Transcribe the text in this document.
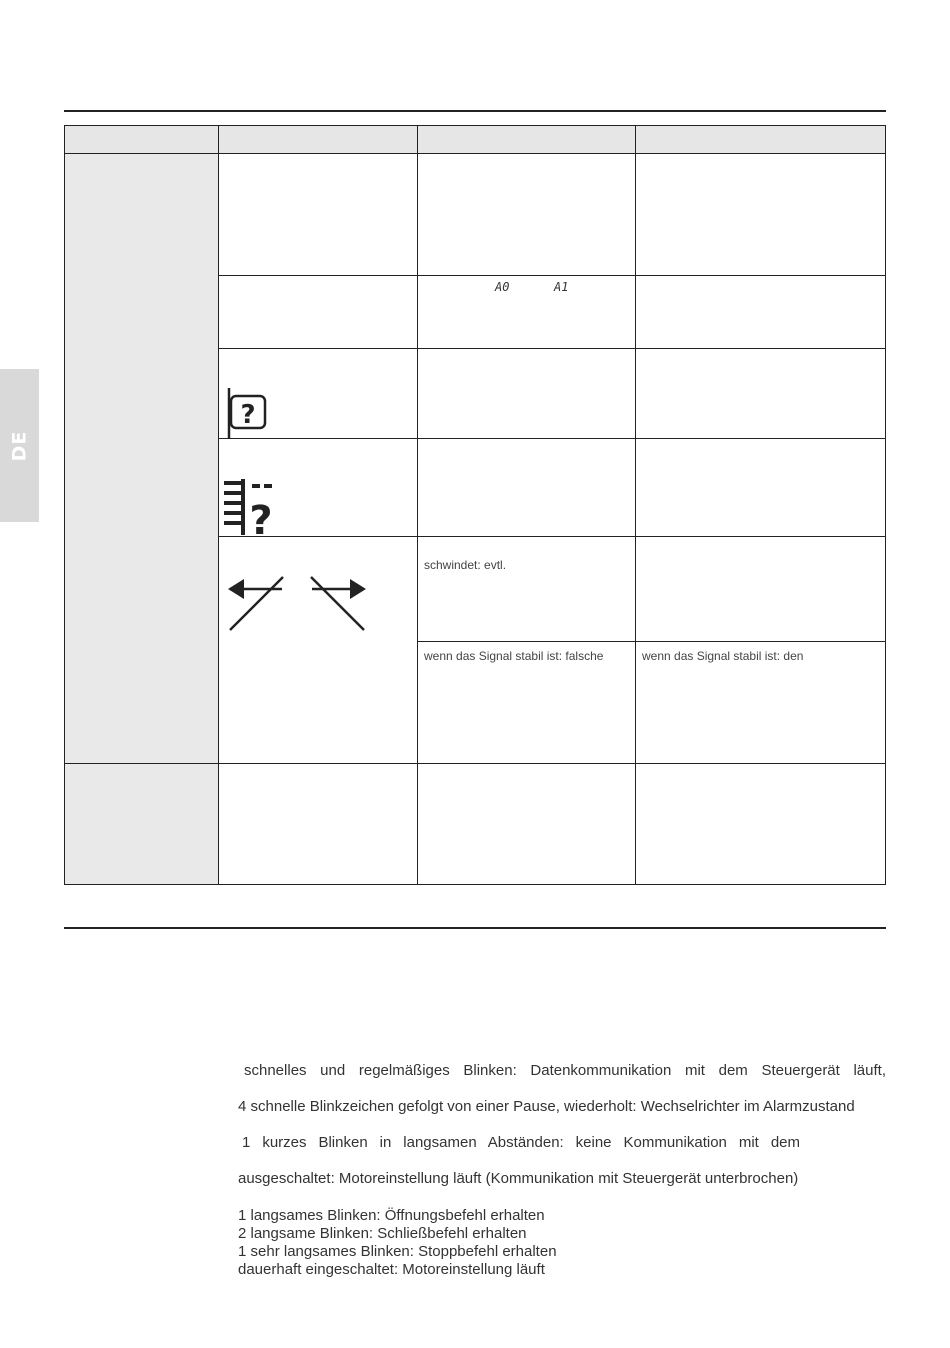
DE
A0	A1
?
?
schwindet: evtl.
wenn das Signal stabil ist: falsche	wenn das Signal stabil ist: den
schnelles und regelmäßiges Blinken: Datenkommunikation mit dem Steuergerät läuft,
4 schnelle Blinkzeichen gefolgt von einer Pause, wiederholt: Wechselrichter im Alarmzustand
1 kurzes Blinken in langsamen Abständen: keine Kommunikation mit dem
ausgeschaltet: Motoreinstellung läuft (Kommunikation mit Steuergerät unterbrochen)
1 langsames Blinken: Öffnungsbefehl erhalten
2 langsame Blinken: Schließbefehl erhalten
1 sehr langsames Blinken: Stoppbefehl erhalten
dauerhaft eingeschaltet: Motoreinstellung läuft
